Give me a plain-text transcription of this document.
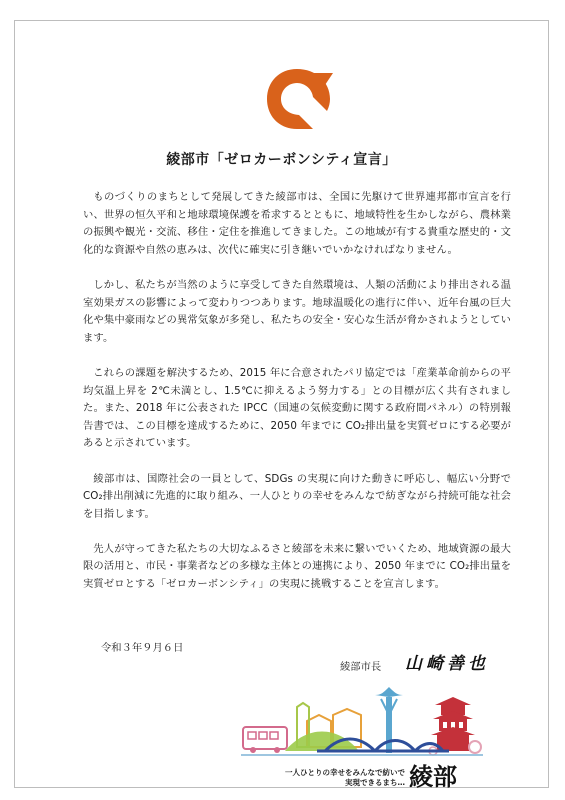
綾部市「ゼロカーボンシティ宣言」

ものづくりのまちとして発展してきた綾部市は、全国に先駆けて世界連邦都市宣言を行い、世界の恒久平和と地球環境保護を希求するとともに、地域特性を生かしながら、農林業の振興や観光・交流、移住・定住を推進してきました。この地域が有する貴重な歴史的・文化的な資源や自然の恵みは、次代に確実に引き継いでいかなければなりません。

しかし、私たちが当然のように享受してきた自然環境は、人類の活動により排出される温室効果ガスの影響によって変わりつつあります。地球温暖化の進行に伴い、近年台風の巨大化や集中豪雨などの異常気象が多発し、私たちの安全・安心な生活が脅かされようとしています。

これらの課題を解決するため、2015 年に合意されたパリ協定では「産業革命前からの平均気温上昇を 2℃未満とし、1.5℃に抑えるよう努力する」との目標が広く共有されました。また、2018 年に公表された IPCC（国連の気候変動に関する政府間パネル）の特別報告書では、この目標を達成するために、2050 年までに CO₂排出量を実質ゼロにする必要があると示されています。

綾部市は、国際社会の一員として、SDGs の実現に向けた動きに呼応し、幅広い分野で CO₂排出削減に先進的に取り組み、一人ひとりの幸せをみんなで紡ぎながら持続可能な社会を目指します。

先人が守ってきた私たちの大切なふるさと綾部を未来に繋いでいくため、地域資源の最大限の活用と、市民・事業者などの多様な主体との連携により、2050 年までに CO₂排出量を実質ゼロとする「ゼロカーボンシティ」の実現に挑戦することを宣言します。

令和３年９月６日
綾部市長 山崎善也
一人ひとりの幸せをみんなで紡いで
実現できるまち… 綾部
